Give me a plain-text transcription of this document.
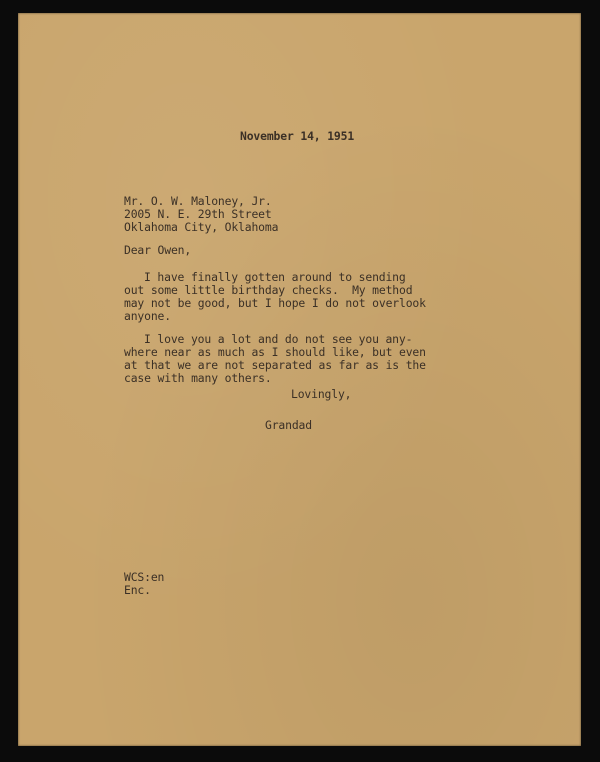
November 14, 1951
Mr. O. W. Maloney, Jr.
2005 N. E. 29th Street
Oklahoma City, Oklahoma
Dear Owen,
I have finally gotten around to sending
out some little birthday checks.  My method
may not be good, but I hope I do not overlook
anyone.
I love you a lot and do not see you any-
where near as much as I should like, but even
at that we are not separated as far as is the
case with many others.
Lovingly,
Grandad
WCS:en
Enc.
